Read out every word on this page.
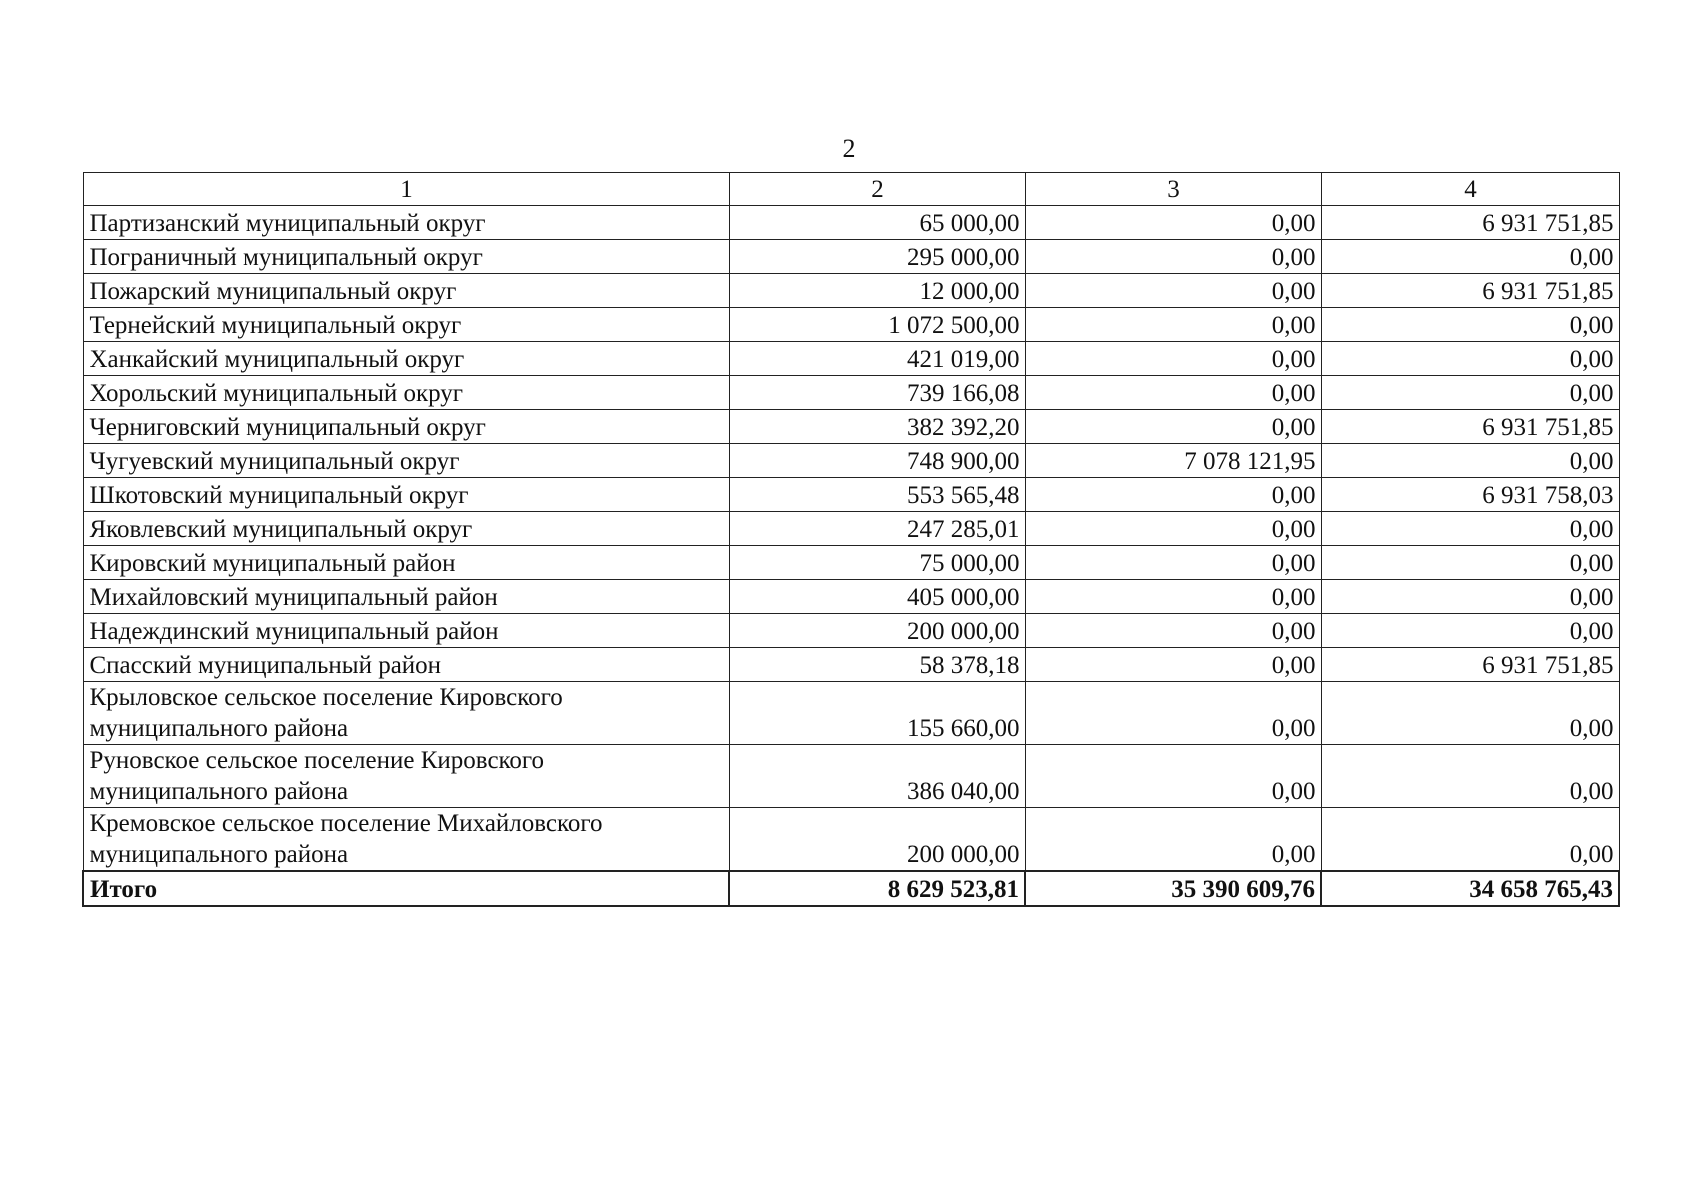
2
1	2	3	4
Партизанский муниципальный округ	65 000,00	0,00	6 931 751,85
Пограничный муниципальный округ	295 000,00	0,00	0,00
Пожарский муниципальный округ	12 000,00	0,00	6 931 751,85
Тернейский муниципальный округ	1 072 500,00	0,00	0,00
Ханкайский муниципальный округ	421 019,00	0,00	0,00
Хорольский муниципальный округ	739 166,08	0,00	0,00
Черниговский муниципальный округ	382 392,20	0,00	6 931 751,85
Чугуевский муниципальный округ	748 900,00	7 078 121,95	0,00
Шкотовский муниципальный округ	553 565,48	0,00	6 931 758,03
Яковлевский муниципальный округ	247 285,01	0,00	0,00
Кировский муниципальный район	75 000,00	0,00	0,00
Михайловский муниципальный район	405 000,00	0,00	0,00
Надеждинский муниципальный район	200 000,00	0,00	0,00
Спасский муниципальный район	58 378,18	0,00	6 931 751,85
Крыловское сельское поселение Кировского муниципального района	155 660,00	0,00	0,00
Руновское сельское поселение Кировского муниципального района	386 040,00	0,00	0,00
Кремовское сельское поселение Михайловского муниципального района	200 000,00	0,00	0,00
Итого	8 629 523,81	35 390 609,76	34 658 765,43
